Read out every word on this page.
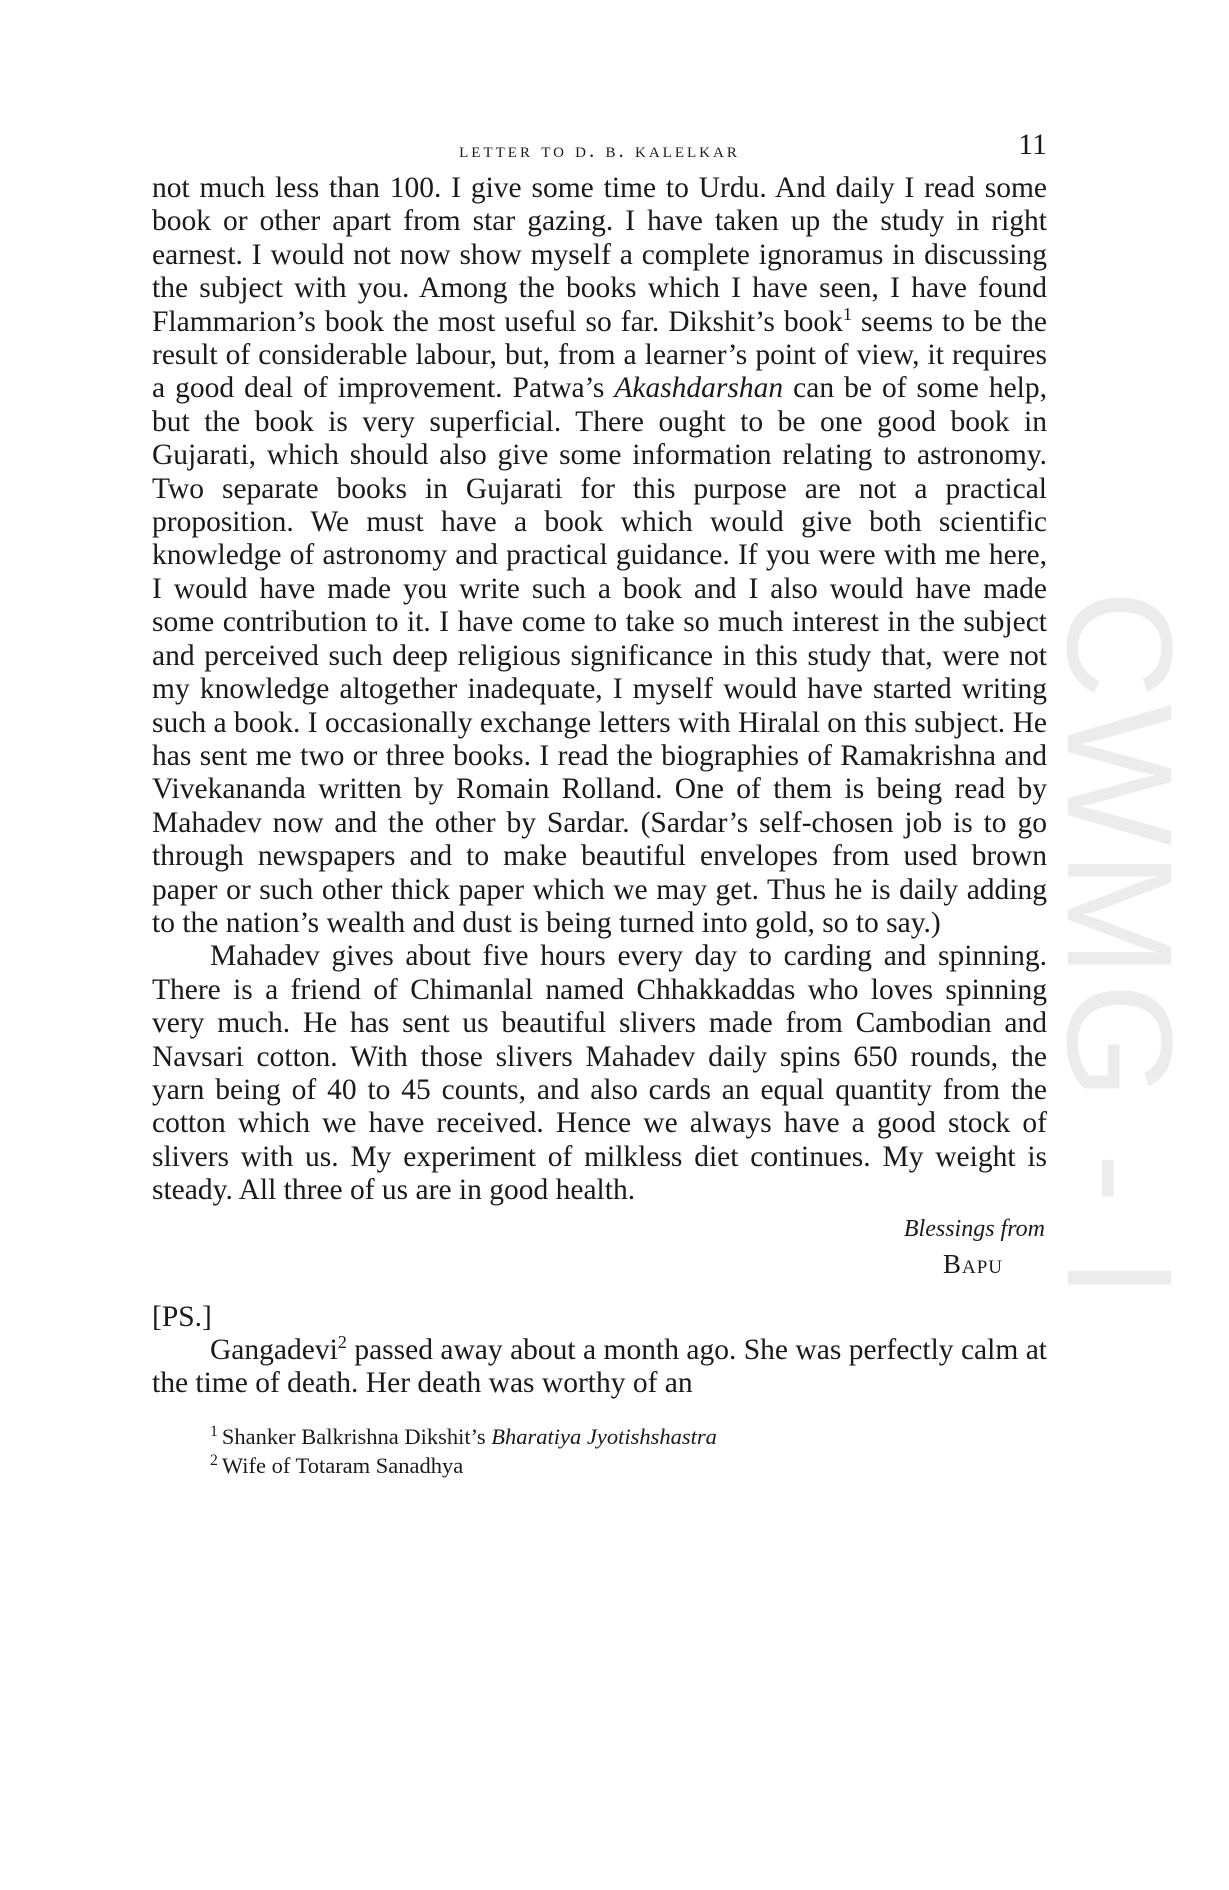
CWMG - I
letter to d. b. kalelkar	11

not much less than 100. I give some time to Urdu. And daily I read some book or other apart from star gazing. I have taken up the study in right earnest. I would not now show myself a complete ignoramus in discussing the subject with you. Among the books which I have seen, I have found Flammarion’s book the most useful so far. Dikshit’s book$^1$ seems to be the result of considerable labour, but, from a learner’s point of view, it requires a good deal of improvement. Patwa’s Akashdarshan can be of some help, but the book is very superficial. There ought to be one good book in Gujarati, which should also give some information relating to astronomy. Two separate books in Gujarati for this purpose are not a practical proposition. We must have a book which would give both scientific knowledge of astronomy and practical guidance. If you were with me here, I would have made you write such a book and I also would have made some contribution to it. I have come to take so much interest in the subject and perceived such deep religious significance in this study that, were not my knowledge altogether inadequate, I myself would have started writing such a book. I occasionally exchange letters with Hiralal on this subject. He has sent me two or three books. I read the biographies of Ramakrishna and Vivekananda written by Romain Rolland. One of them is being read by Mahadev now and the other by Sardar. (Sardar’s self-chosen job is to go through newspapers and to make beautiful envelopes from used brown paper or such other thick paper which we may get. Thus he is daily adding to the nation’s wealth and dust is being turned into gold, so to say.)

Mahadev gives about five hours every day to carding and spinning. There is a friend of Chimanlal named Chhakkaddas who loves spinning very much. He has sent us beautiful slivers made from Cambodian and Navsari cotton. With those slivers Mahadev daily spins 650 rounds, the yarn being of 40 to 45 counts, and also cards an equal quantity from the cotton which we have received. Hence we always have a good stock of slivers with us. My experiment of milkless diet continues. My weight is steady. All three of us are in good health.

Blessings from
Bapu
[PS.]

Gangadevi$^2$ passed away about a month ago. She was perfectly calm at the time of death. Her death was worthy of an

$^1$ Shanker Balkrishna Dikshit’s Bharatiya Jyotishshastra
$^2$ Wife of Totaram Sanadhya
